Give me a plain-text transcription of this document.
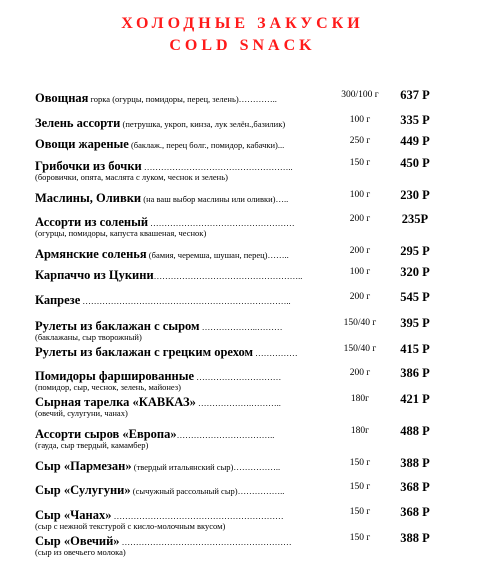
ХОЛОДНЫЕ ЗАКУСКИ
COLD SNACK
Овощная горка (огурцы, помидоры, перец, зелень)…………..	300/100 г	637 Р
Зелень ассорти (петрушка, укроп, кинза, лук зелён.,базилик)	100 г	335 Р
Овощи жареные (баклаж., перец болг., помидор, кабачки)...	250 г	449 Р
Грибочки из бочки ……………………………………………..	150 г	450 Р
(боровички, опята, маслята с луком, чеснок и зелень)
Маслины, Оливки (на ваш выбор маслины или оливки)…..	100 г	230 Р
Ассорти из соленый ……………………………………………	200 г	235Р
(огурцы, помидоры, капуста квашеная, чеснок)
Армянские соленья (бамия, черемша, шушан, перец)……..	200 г	295 Р
Карпаччо из Цукини……………………………………………..	100 г	320 Р
Капрезе ………………………………………………………………..	200 г	545 Р
Рулеты из баклажан с сыром ………………..………	150/40 г	395 Р
(баклажаны, сыр творожный)
Рулеты из баклажан с грецким орехом ……………	150/40 г	415 Р
Помидоры фаршированные …………………………	200 г	386 Р
(помидор, сыр, чеснок, зелень, майонез)
Сырная тарелка «КАВКАЗ» ……………….………..	180г	421 Р
(овечий, сулугуни, чанах)
Ассорти сыров «Европа»……………………………..	180г	488 Р
(гауда, сыр твердый, камамбер)
Сыр «Пармезан» (твердый итальянский сыр)……………..	150 г	388 Р
Сыр «Сулугуни» (сычужный рассольный сыр)……………..	150 г	368 Р
Сыр «Чанах» ……………………………………………………	150 г	368 Р
(сыр с нежной текстурой с кисло-молочным вкусом)
Сыр «Овечий» ……………………………………………………	150 г	388 Р
(сыр из овечьего молока)
